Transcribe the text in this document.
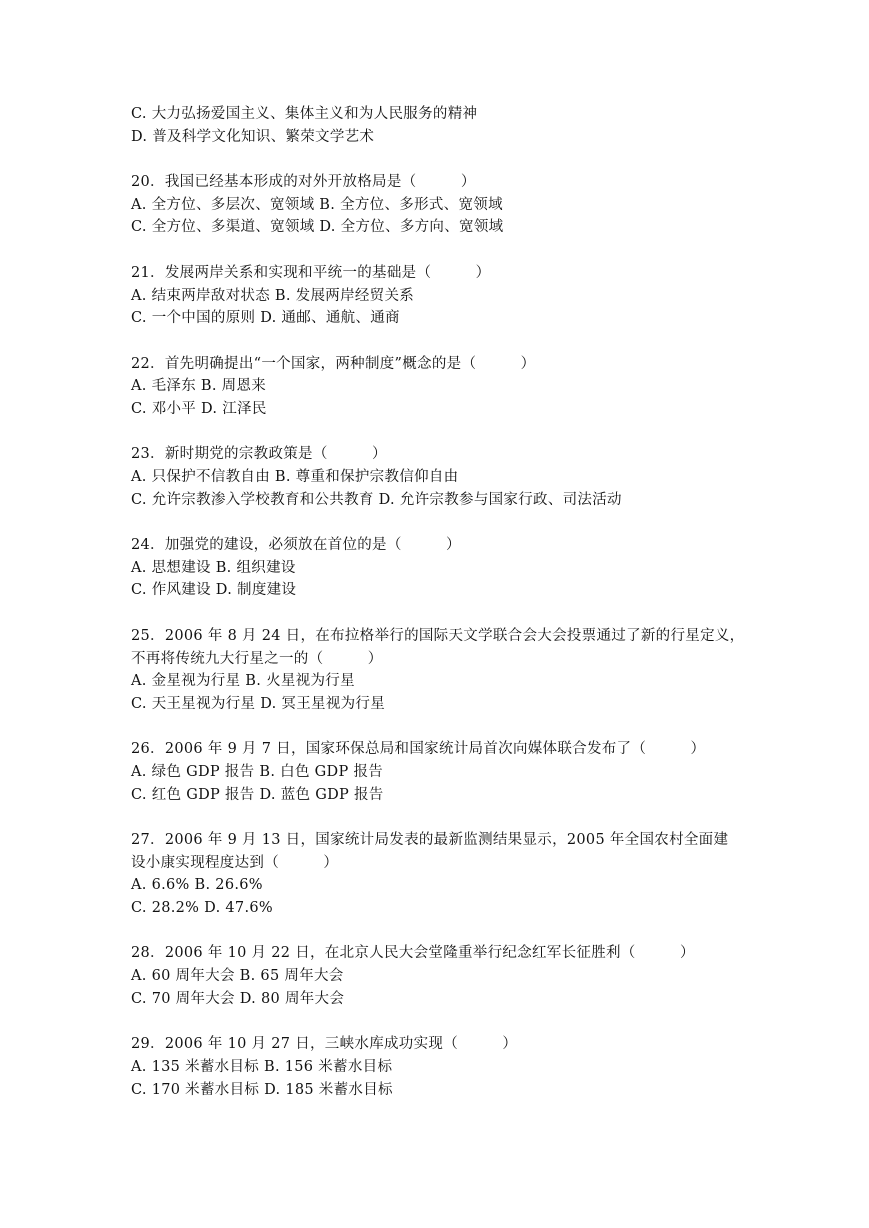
C. 大力弘扬爱国主义、集体主义和为人民服务的精神
D. 普及科学文化知识、繁荣文学艺术
20．我国已经基本形成的对外开放格局是（　　　）
A. 全方位、多层次、宽领域 B. 全方位、多形式、宽领域
C. 全方位、多渠道、宽领域 D. 全方位、多方向、宽领域
21．发展两岸关系和实现和平统一的基础是（　　　）
A. 结束两岸敌对状态 B. 发展两岸经贸关系
C. 一个中国的原则 D. 通邮、通航、通商
22．首先明确提出“一个国家，两种制度”概念的是（　　　）
A. 毛泽东 B. 周恩来
C. 邓小平 D. 江泽民
23．新时期党的宗教政策是（　　　）
A. 只保护不信教自由 B. 尊重和保护宗教信仰自由
C. 允许宗教渗入学校教育和公共教育 D. 允许宗教参与国家行政、司法活动
24．加强党的建设，必须放在首位的是（　　　）
A. 思想建设 B. 组织建设
C. 作风建设 D. 制度建设
25．2006 年 8 月 24 日，在布拉格举行的国际天文学联合会大会投票通过了新的行星定义，
不再将传统九大行星之一的（　　　）
A. 金星视为行星 B. 火星视为行星
C. 天王星视为行星 D. 冥王星视为行星
26．2006 年 9 月 7 日，国家环保总局和国家统计局首次向媒体联合发布了（　　　）
A. 绿色 GDP 报告 B. 白色 GDP 报告
C. 红色 GDP 报告 D. 蓝色 GDP 报告
27．2006 年 9 月 13 日，国家统计局发表的最新监测结果显示，2005 年全国农村全面建
设小康实现程度达到（　　　）
A. 6.6% B. 26.6%
C. 28.2% D. 47.6%
28．2006 年 10 月 22 日，在北京人民大会堂隆重举行纪念红军长征胜利（　　　）
A. 60 周年大会 B. 65 周年大会
C. 70 周年大会 D. 80 周年大会
29．2006 年 10 月 27 日，三峡水库成功实现（　　　）
A. 135 米蓄水目标 B. 156 米蓄水目标
C. 170 米蓄水目标 D. 185 米蓄水目标
